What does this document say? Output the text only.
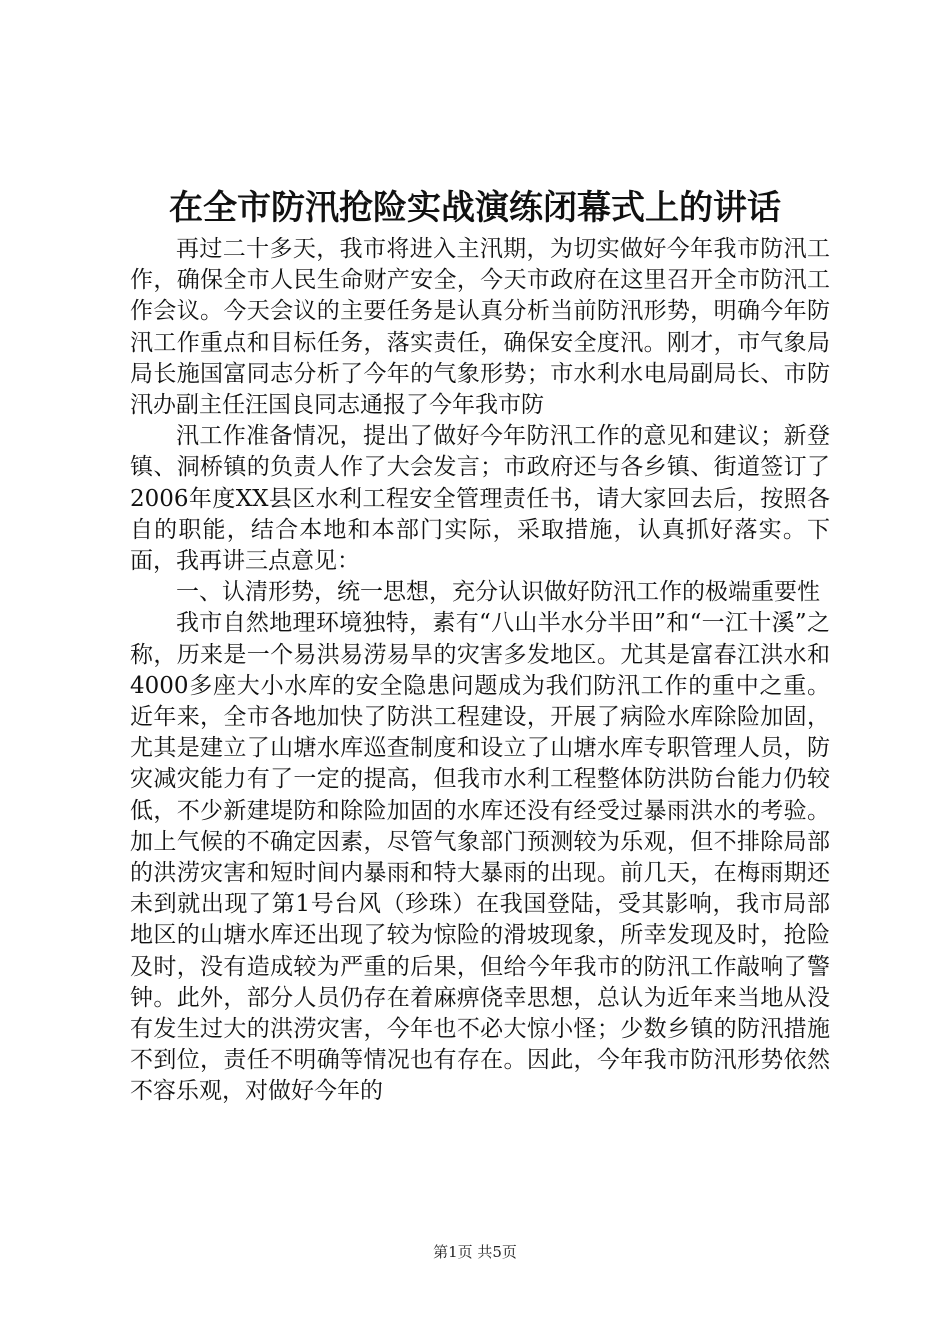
在全市防汛抢险实战演练闭幕式上的讲话

再过二十多天，我市将进入主汛期，为切实做好今年我市防汛工作，确保全市人民生命财产安全，今天市政府在这里召开全市防汛工作会议。今天会议的主要任务是认真分析当前防汛形势，明确今年防汛工作重点和目标任务，落实责任，确保安全度汛。刚才，市气象局局长施国富同志分析了今年的气象形势；市水利水电局副局长、市防汛办副主任汪国良同志通报了今年我市防

汛工作准备情况，提出了做好今年防汛工作的意见和建议；新登镇、洞桥镇的负责人作了大会发言；市政府还与各乡镇、街道签订了2006年度XX县区水利工程安全管理责任书，请大家回去后，按照各自的职能，结合本地和本部门实际，采取措施，认真抓好落实。下面，我再讲三点意见：

一、认清形势，统一思想，充分认识做好防汛工作的极端重要性

我市自然地理环境独特，素有“八山半水分半田”和“一江十溪”之称，历来是一个易洪易涝易旱的灾害多发地区。尤其是富春江洪水和4000多座大小水库的安全隐患问题成为我们防汛工作的重中之重。近年来，全市各地加快了防洪工程建设，开展了病险水库除险加固，尤其是建立了山塘水库巡查制度和设立了山塘水库专职管理人员，防灾减灾能力有了一定的提高，但我市水利工程整体防洪防台能力仍较低，不少新建堤防和除险加固的水库还没有经受过暴雨洪水的考验。加上气候的不确定因素，尽管气象部门预测较为乐观，但不排除局部的洪涝灾害和短时间内暴雨和特大暴雨的出现。前几天，在梅雨期还未到就出现了第1号台风（珍珠）在我国登陆，受其影响，我市局部地区的山塘水库还出现了较为惊险的滑坡现象，所幸发现及时，抢险及时，没有造成较为严重的后果，但给今年我市的防汛工作敲响了警钟。此外，部分人员仍存在着麻痹侥幸思想，总认为近年来当地从没有发生过大的洪涝灾害，今年也不必大惊小怪；少数乡镇的防汛措施不到位，责任不明确等情况也有存在。因此，今年我市防汛形势依然不容乐观，对做好今年的

第1页 共5页
